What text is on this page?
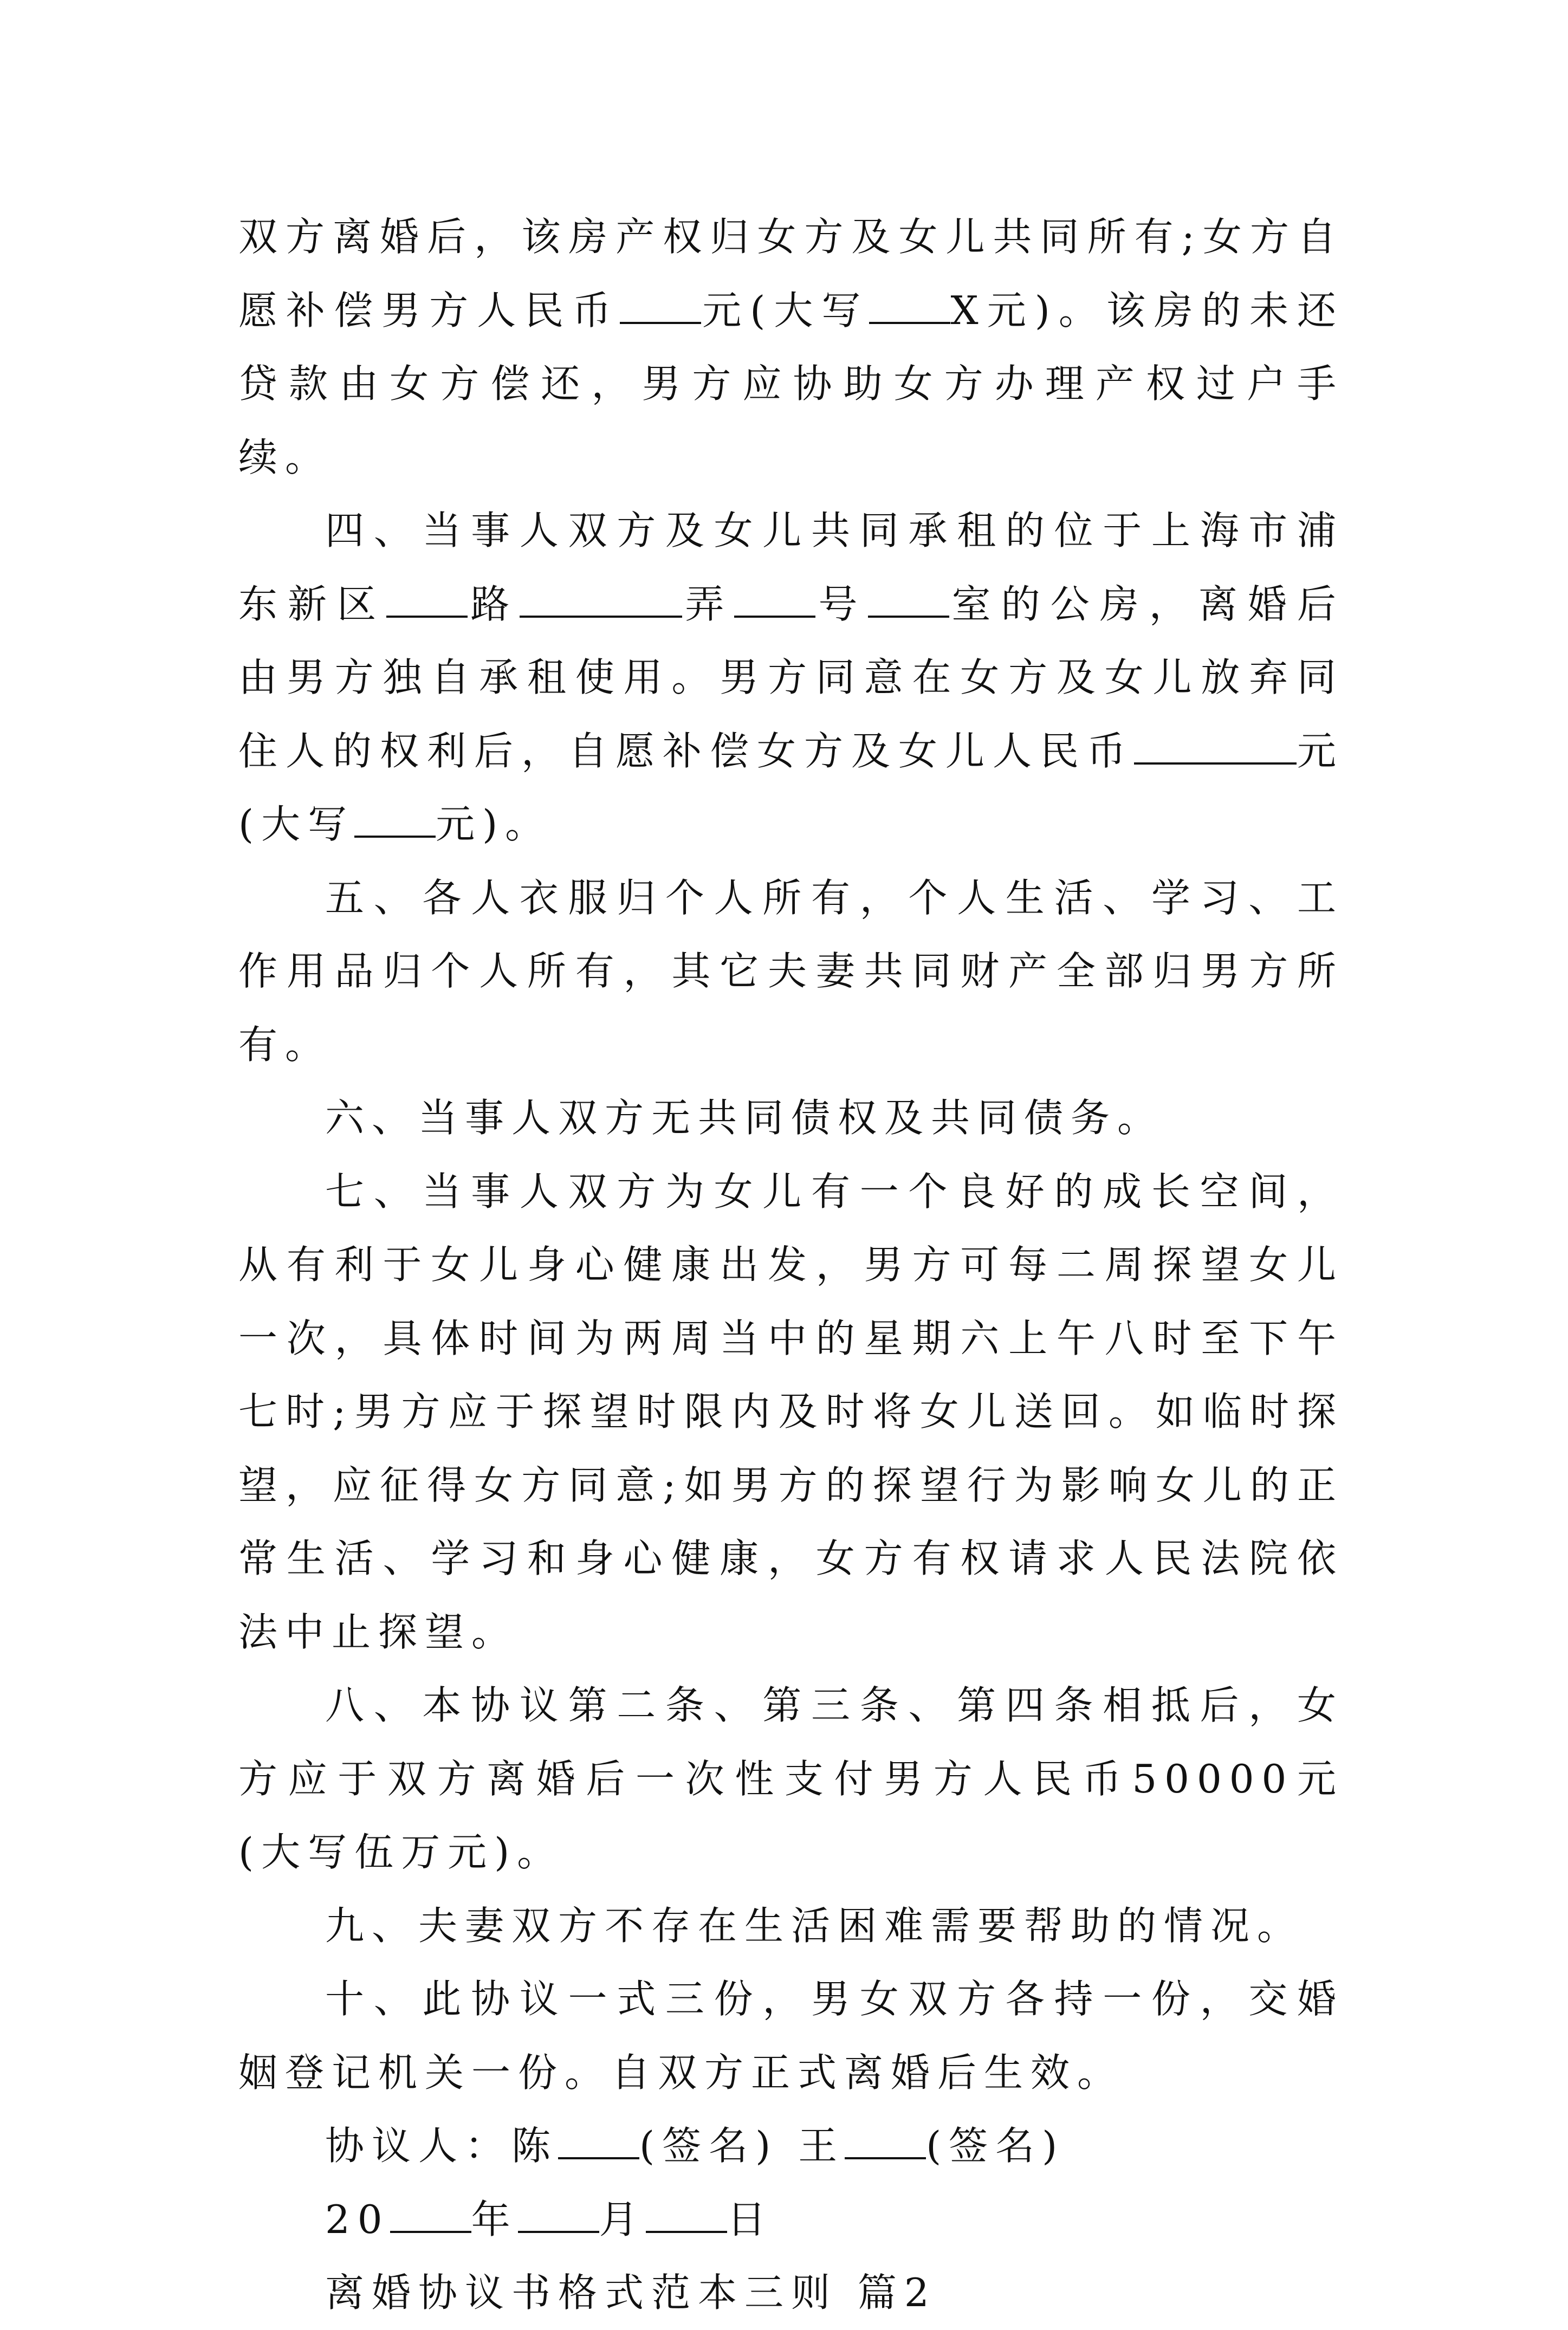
双方离婚后，该房产权归女方及女儿共同所有;女方自愿补偿男方人民币 元(大写 X元)。该房的未还贷款由女方偿还，男方应协助女方办理产权过户手续。

四、当事人双方及女儿共同承租的位于上海市浦东新区 路	弄 号 室的公房，离婚后由男方独自承租使用。男方同意在女方及女儿放弃同住人的权利后，自愿补偿女方及女儿人民币	元(大写 元)。

五、各人衣服归个人所有，个人生活、学习、工作用品归个人所有，其它夫妻共同财产全部归男方所有。

六、当事人双方无共同债权及共同债务。

七、当事人双方为女儿有一个良好的成长空间，从有利于女儿身心健康出发，男方可每二周探望女儿一次，具体时间为两周当中的星期六上午八时至下午七时;男方应于探望时限内及时将女儿送回。如临时探望，应征得女方同意;如男方的探望行为影响女儿的正常生活、学习和身心健康，女方有权请求人民法院依法中止探望。

八、本协议第二条、第三条、第四条相抵后，女方应于双方离婚后一次性支付男方人民币50000元(大写伍万元)。

九、夫妻双方不存在生活困难需要帮助的情况。

十、此协议一式三份，男女双方各持一份，交婚姻登记机关一份。自双方正式离婚后生效。

协议人：陈 (签名) 王 (签名)

20 年 月 日

离婚协议书格式范本三则 篇2
